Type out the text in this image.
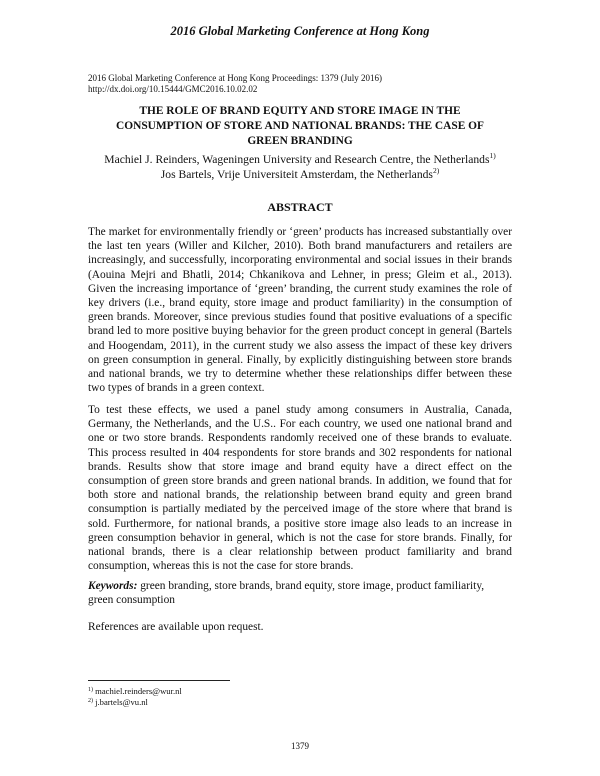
2016 Global Marketing Conference at Hong Kong
2016 Global Marketing Conference at Hong Kong Proceedings: 1379 (July 2016)
http://dx.doi.org/10.15444/GMC2016.10.02.02
THE ROLE OF BRAND EQUITY AND STORE IMAGE IN THE
CONSUMPTION OF STORE AND NATIONAL BRANDS: THE CASE OF
GREEN BRANDING
Machiel J. Reinders, Wageningen University and Research Centre, the Netherlands$^{1)}$
Jos Bartels, Vrije Universiteit Amsterdam, the Netherlands$^{2)}$
ABSTRACT

The market for environmentally friendly or ‘green’ products has increased substantially over the last ten years (Willer and Kilcher, 2010). Both brand manufacturers and retailers are increasingly, and successfully, incorporating environmental and social issues in their brands (Aouina Mejri and Bhatli, 2014; Chkanikova and Lehner, in press; Gleim et al., 2013). Given the increasing importance of ‘green’ branding, the current study examines the role of key drivers (i.e., brand equity, store image and product familiarity) in the consumption of green brands. Moreover, since previous studies found that positive evaluations of a specific brand led to more positive buying behavior for the green product concept in general (Bartels and Hoogendam, 2011), in the current study we also assess the impact of these key drivers on green consumption in general. Finally, by explicitly distinguishing between store brands and national brands, we try to determine whether these relationships differ between these two types of brands in a green context.

To test these effects, we used a panel study among consumers in Australia, Canada, Germany, the Netherlands, and the U.S.. For each country, we used one national brand and one or two store brands. Respondents randomly received one of these brands to evaluate. This process resulted in 404 respondents for store brands and 302 respondents for national brands. Results show that store image and brand equity have a direct effect on the consumption of green store brands and green national brands. In addition, we found that for both store and national brands, the relationship between brand equity and green brand consumption is partially mediated by the perceived image of the store where that brand is sold. Furthermore, for national brands, a positive store image also leads to an increase in green consumption behavior in general, which is not the case for store brands. Finally, for national brands, there is a clear relationship between product familiarity and brand consumption, whereas this is not the case for store brands.

Keywords: green branding, store brands, brand equity, store image, product familiarity, green consumption

References are available upon request.

$^{1)}$ machiel.reinders@wur.nl
$^{2)}$ j.bartels@vu.nl
1379
